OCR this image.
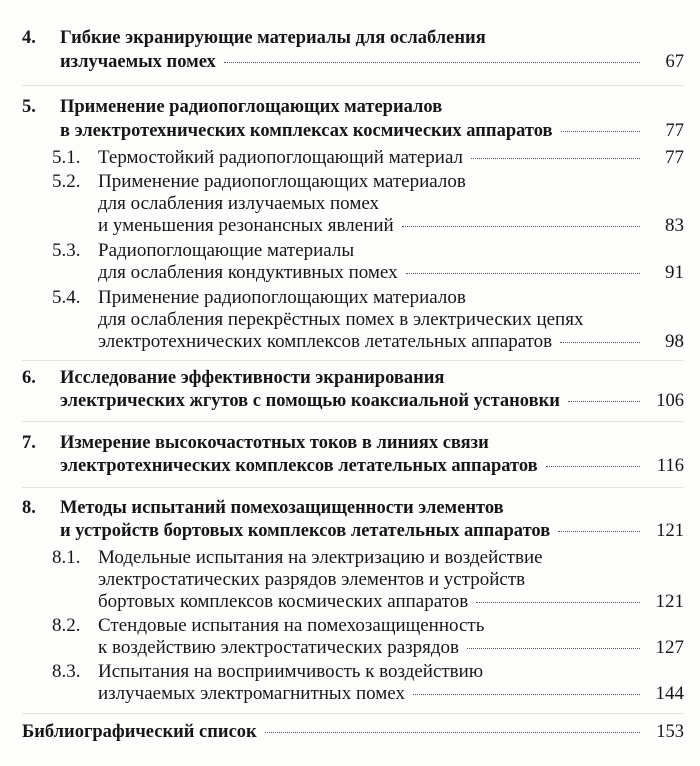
4.	Гибкие экранирующие материалы для ослабления
излучаемых помех	67
5.	Применение радиопоглощающих материалов
в электротехнических комплексах космических аппаратов	77
5.1. Термостойкий радиопоглощающий материал	77
5.2. Применение радиопоглощающих материалов
для ослабления излучаемых помех
и уменьшения резонансных явлений	83
5.3. Радиопоглощающие материалы
для ослабления кондуктивных помех	91
5.4. Применение радиопоглощающих материалов
для ослабления перекрёстных помех в электрических цепях
электротехнических комплексов летательных аппаратов	98
6.	Исследование эффективности экранирования
электрических жгутов с помощью коаксиальной установки	106
7.	Измерение высокочастотных токов в линиях связи
электротехнических комплексов летательных аппаратов	116
8.	Методы испытаний помехозащищенности элементов
и устройств бортовых комплексов летательных аппаратов	121
8.1. Модельные испытания на электризацию и воздействие
электростатических разрядов элементов и устройств
бортовых комплексов космических аппаратов	121
8.2. Стендовые испытания на помехозащищенность
к воздействию электростатических разрядов	127
8.3. Испытания на восприимчивость к воздействию
излучаемых электромагнитных помех	144
Библиографический список	153
